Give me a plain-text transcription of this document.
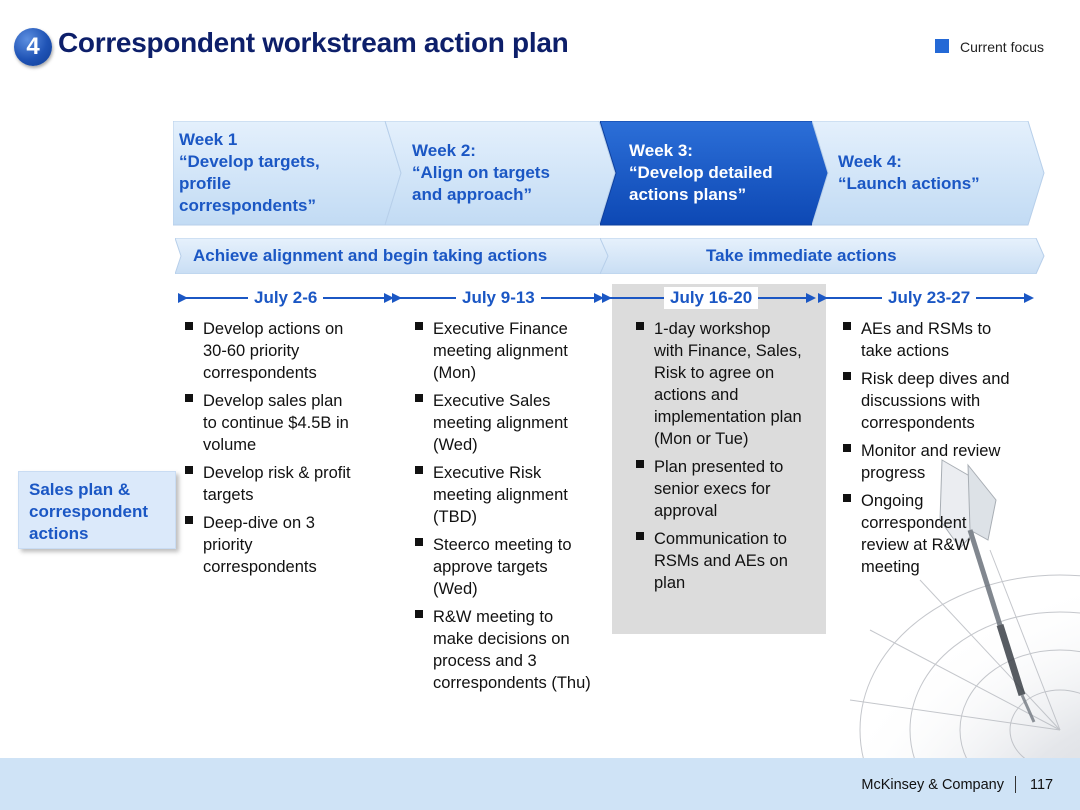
4 Correspondent workstream action plan	Current focus
Week 1
“Develop targets,
profile
correspondents”
Week 2:
“Align on targets
and approach”
Week 3:
“Develop detailed
actions plans”
Week 4:
“Launch actions”
Achieve alignment and begin taking actions	Take immediate actions
July 2-6	July 9-13	July 16-20	July 23-27
Sales plan &
correspondent
actions
Develop actions on
30-60 priority
correspondents
Develop sales plan
to continue $4.5B in
volume
Develop risk & profit
targets
Deep-dive on 3
priority
correspondents
Executive Finance
meeting alignment
(Mon)
Executive Sales
meeting alignment
(Wed)
Executive Risk
meeting alignment
(TBD)
Steerco meeting to
approve targets
(Wed)
R&W meeting to
make decisions on
process and 3
correspondents (Thu)
1-day workshop
with Finance, Sales,
Risk to agree on
actions and
implementation plan
(Mon or Tue)
Plan presented to
senior execs for
approval
Communication to
RSMs and AEs on
plan
AEs and RSMs to
take actions
Risk deep dives and
discussions with
correspondents
Monitor and review
progress
Ongoing
correspondent
review at R&W
meeting
McKinsey & Company 117
